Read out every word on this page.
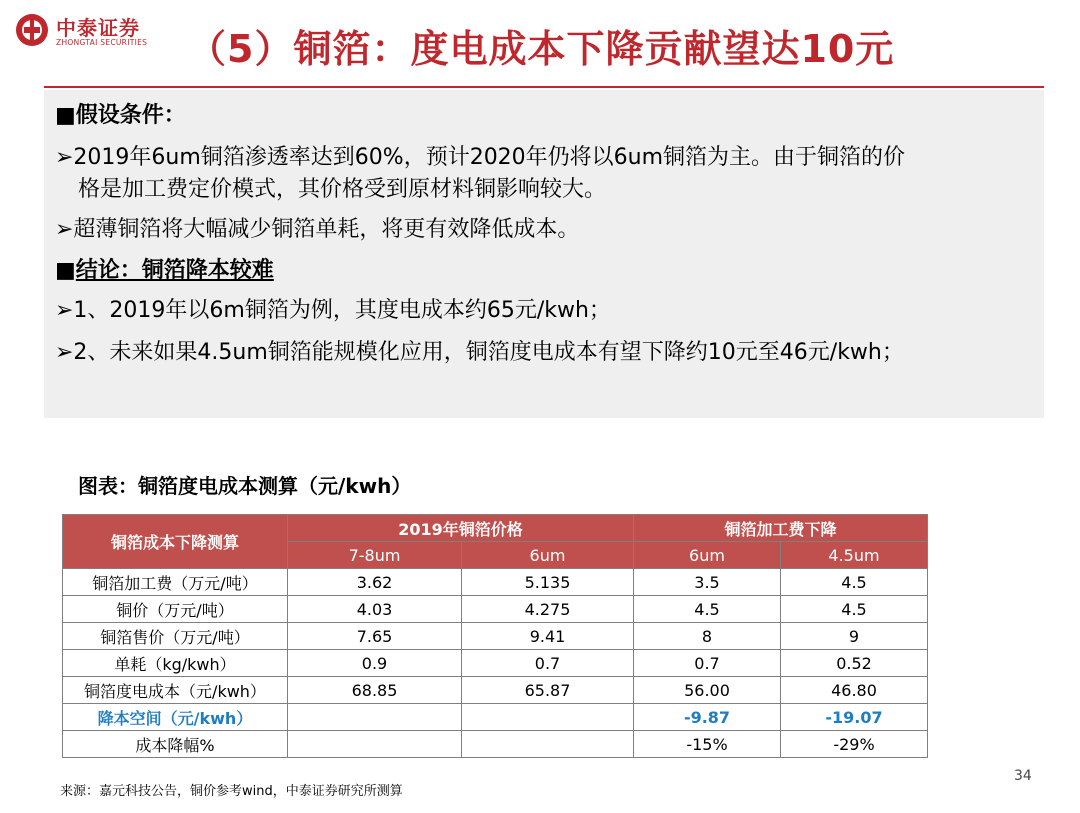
中泰证券
ZHONGTAI SECURITIES （5）铜箔：度电成本下降贡献望达10元
■假设条件：
➢2019年6um铜箔渗透率达到60%，预计2020年仍将以6um铜箔为主。由于铜箔的价
格是加工费定价模式，其价格受到原材料铜影响较大。
➢超薄铜箔将大幅减少铜箔单耗，将更有效降低成本。
■结论：铜箔降本较难
➢1、2019年以6m铜箔为例，其度电成本约65元/kwh；
➢2、未来如果4.5um铜箔能规模化应用，铜箔度电成本有望下降约10元至46元/kwh；
图表：铜箔度电成本测算（元/kwh）
铜箔成本下降测算	2019年铜箔价格		铜箔加工费下降	
	7-8um	6um	6um	4.5um
铜箔加工费（万元/吨）	3.62	5.135	3.5	4.5
铜价（万元/吨）	4.03	4.275	4.5	4.5
铜箔售价（万元/吨）	7.65	9.41	8	9
单耗（kg/kwh）	0.9	0.7	0.7	0.52
铜箔度电成本（元/kwh）	68.85	65.87	56.00	46.80
降本空间（元/kwh）			-9.87	-19.07
成本降幅%			-15%	-29%
34
来源：嘉元科技公告，铜价参考wind，中泰证券研究所测算
